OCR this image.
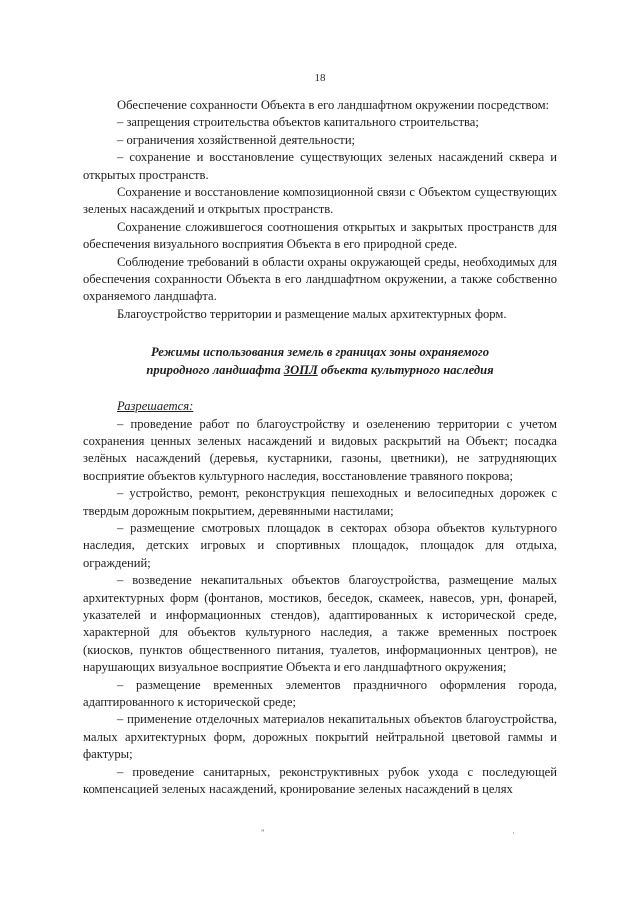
18

Обеспечение сохранности Объекта в его ландшафтном окружении посредством:

– запрещения строительства объектов капитального строительства;

– ограничения хозяйственной деятельности;

– сохранение и восстановление существующих зеленых насаждений сквера и открытых пространств.

Сохранение и восстановление композиционной связи с Объектом существующих зеленых насаждений и открытых пространств.

Сохранение сложившегося соотношения открытых и закрытых пространств для обеспечения визуального восприятия Объекта в его природной среде.

Соблюдение требований в области охраны окружающей среды, необходимых для обеспечения сохранности Объекта в его ландшафтном окружении, а также собственно охраняемого ландшафта.

Благоустройство территории и размещение малых архитектурных форм.

Режимы использования земель в границах зоны охраняемого
природного ландшафта ЗОПЛ объекта культурного наследия
Разрешается:

– проведение работ по благоустройству и озеленению территории с учетом сохранения ценных зеленых насаждений и видовых раскрытий на Объект; посадка зелёных насаждений (деревья, кустарники, газоны, цветники), не затрудняющих восприятие объектов культурного наследия, восстановление травяного покрова;

– устройство, ремонт, реконструкция пешеходных и велосипедных дорожек с твердым дорожным покрытием, деревянными настилами;

– размещение смотровых площадок в секторах обзора объектов культурного наследия, детских игровых и спортивных площадок, площадок для отдыха, ограждений;

– возведение некапитальных объектов благоустройства, размещение малых архитектурных форм (фонтанов, мостиков, беседок, скамеек, навесов, урн, фонарей, указателей и информационных стендов), адаптированных к исторической среде, характерной для объектов культурного наследия, а также временных построек (киосков, пунктов общественного питания, туалетов, информационных центров), не нарушающих визуальное восприятие Объекта и его ландшафтного окружения;

– размещение временных элементов праздничного оформления города, адаптированного к исторической среде;

– применение отделочных материалов некапитальных объектов благоустройства, малых архитектурных форм, дорожных покрытий нейтральной цветовой гаммы и фактуры;

– проведение санитарных, реконструктивных рубок ухода с последующей компенсацией зеленых насаждений, кронирование зеленых насаждений в целях

"	·
